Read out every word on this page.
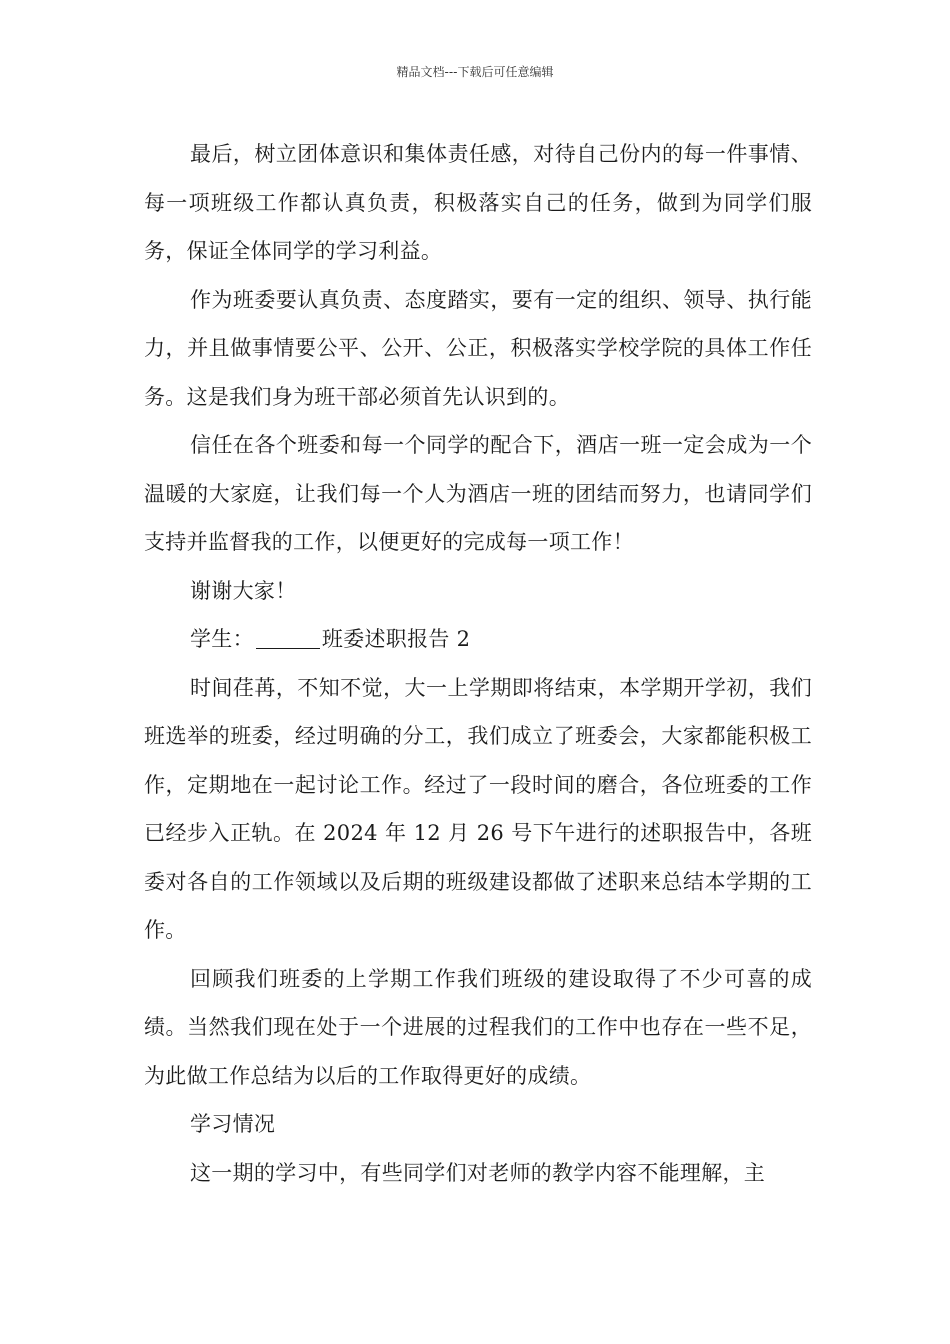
精品文档---下载后可任意编辑

最后，树立团体意识和集体责任感，对待自己份内的每一件事情、每一项班级工作都认真负责，积极落实自己的任务，做到为同学们服务，保证全体同学的学习利益。

作为班委要认真负责、态度踏实，要有一定的组织、领导、执行能力，并且做事情要公平、公开、公正，积极落实学校学院的具体工作任务。这是我们身为班干部必须首先认识到的。

信任在各个班委和每一个同学的配合下，酒店一班一定会成为一个温暖的大家庭，让我们每一个人为酒店一班的团结而努力，也请同学们支持并监督我的工作，以便更好的完成每一项工作！

谢谢大家！

学生：	班委述职报告 2

时间荏苒，不知不觉，大一上学期即将结束，本学期开学初，我们班选举的班委，经过明确的分工，我们成立了班委会，大家都能积极工作，定期地在一起讨论工作。经过了一段时间的磨合，各位班委的工作已经步入正轨。在 2024 年 12 月 26 号下午进行的述职报告中，各班委对各自的工作领域以及后期的班级建设都做了述职来总结本学期的工作。

回顾我们班委的上学期工作我们班级的建设取得了不少可喜的成绩。当然我们现在处于一个进展的过程我们的工作中也存在一些不足，为此做工作总结为以后的工作取得更好的成绩。

学习情况

这一期的学习中，有些同学们对老师的教学内容不能理解，主
